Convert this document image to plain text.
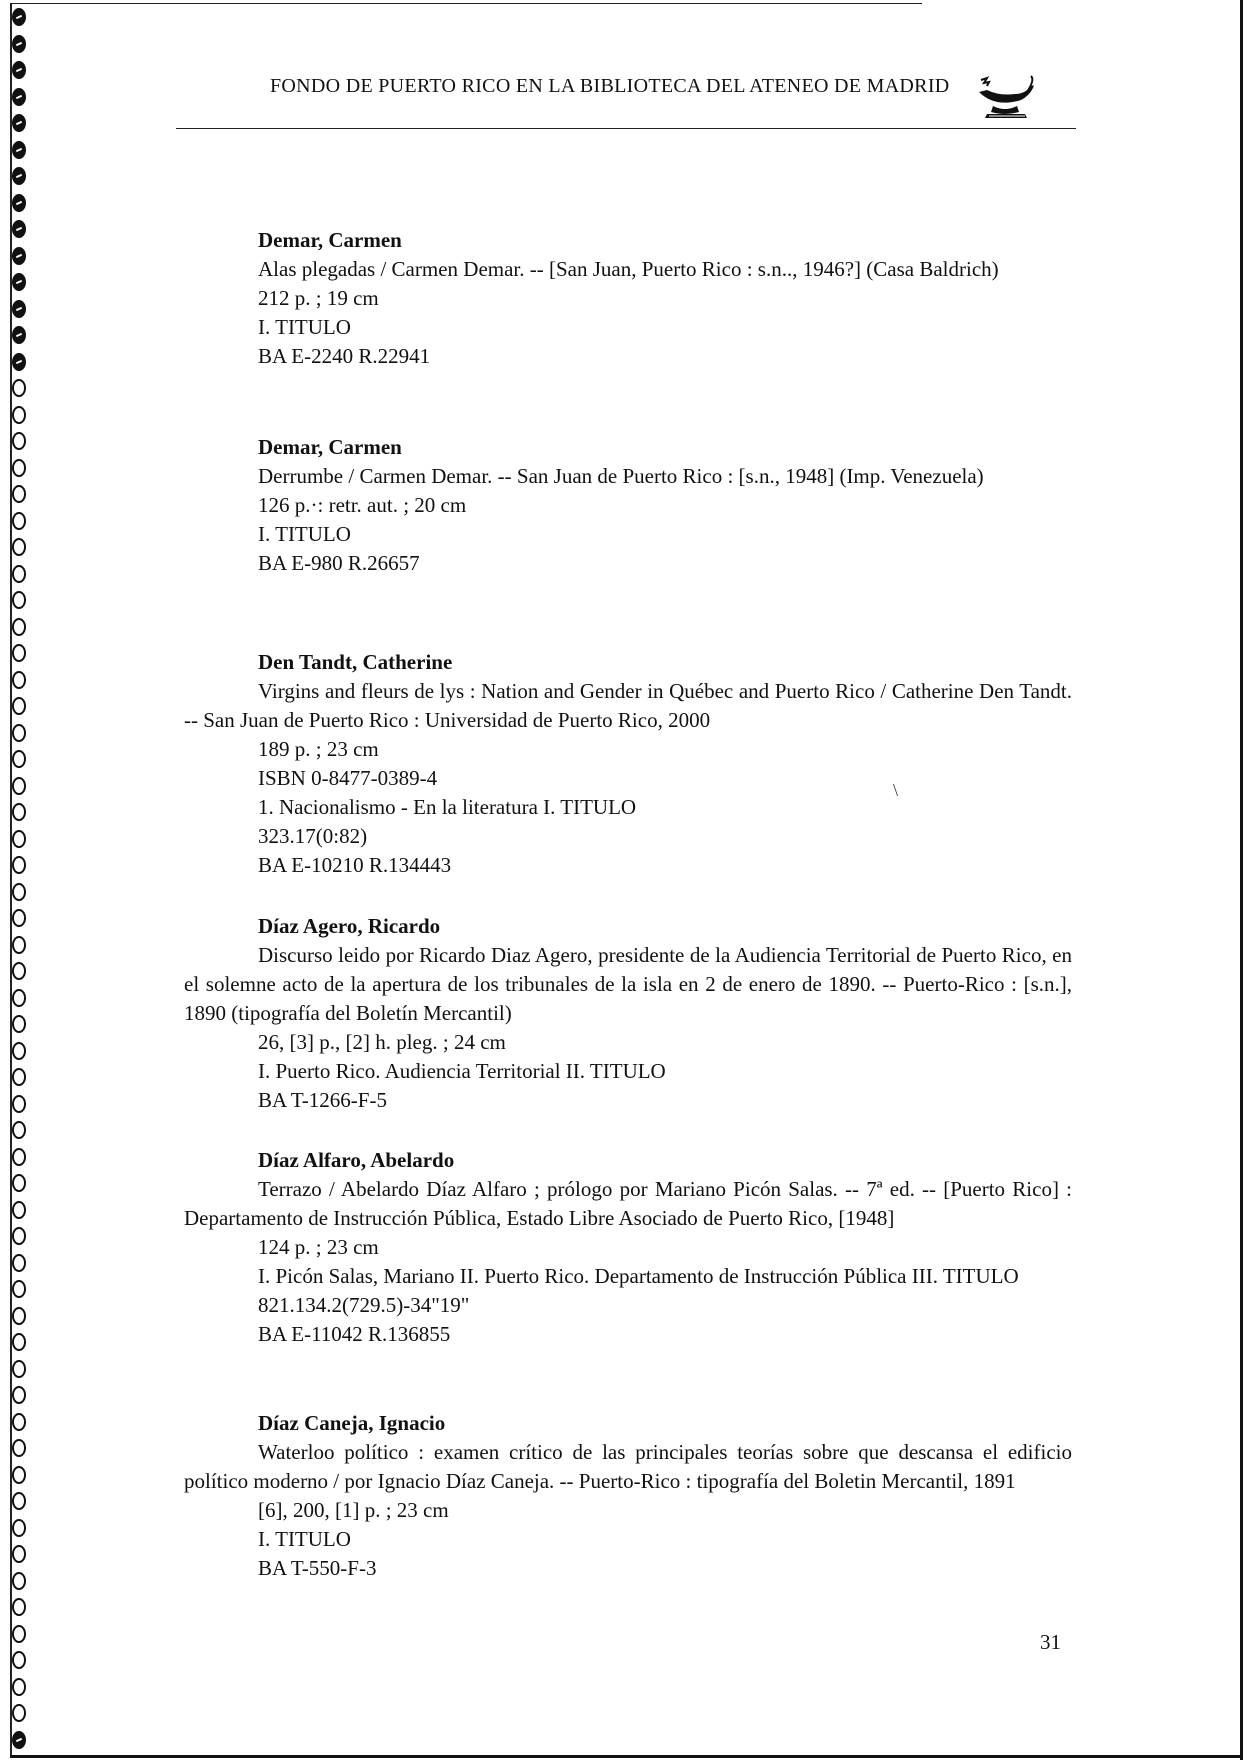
FONDO DE PUERTO RICO EN LA BIBLIOTECA DEL ATENEO DE MADRID
Demar, Carmen
Alas plegadas / Carmen Demar. -- [San Juan, Puerto Rico : s.n.., 1946?] (Casa Baldrich)
212 p. ; 19 cm
I. TITULO
BA E-2240 R.22941
Demar, Carmen
Derrumbe / Carmen Demar. -- San Juan de Puerto Rico : [s.n., 1948] (Imp. Venezuela)
126 p.·: retr. aut. ; 20 cm
I. TITULO
BA E-980 R.26657
Den Tandt, Catherine
Virgins and fleurs de lys : Nation and Gender in Québec and Puerto Rico / Catherine Den Tandt. -- San Juan de Puerto Rico : Universidad de Puerto Rico, 2000
189 p. ; 23 cm
ISBN 0-8477-0389-4
1. Nacionalismo - En la literatura I. TITULO
323.17(0:82)
BA E-10210 R.134443
\
Díaz Agero, Ricardo
Discurso leido por Ricardo Diaz Agero, presidente de la Audiencia Territorial de Puerto Rico, en el solemne acto de la apertura de los tribunales de la isla en 2 de enero de 1890. -- Puerto-Rico : [s.n.], 1890 (tipografía del Boletín Mercantil)
26, [3] p., [2] h. pleg. ; 24 cm
I. Puerto Rico. Audiencia Territorial II. TITULO
BA T-1266-F-5
Díaz Alfaro, Abelardo
Terrazo / Abelardo Díaz Alfaro ; prólogo por Mariano Picón Salas. -- 7ª ed. -- [Puerto Rico] : Departamento de Instrucción Pública, Estado Libre Asociado de Puerto Rico, [1948]
124 p. ; 23 cm
I. Picón Salas, Mariano II. Puerto Rico. Departamento de Instrucción Pública III. TITULO
821.134.2(729.5)-34"19"
BA E-11042 R.136855
Díaz Caneja, Ignacio
Waterloo político : examen crítico de las principales teorías sobre que descansa el edificio político moderno / por Ignacio Díaz Caneja. -- Puerto-Rico : tipografía del Boletin Mercantil, 1891
[6], 200, [1] p. ; 23 cm
I. TITULO
BA T-550-F-3
31
